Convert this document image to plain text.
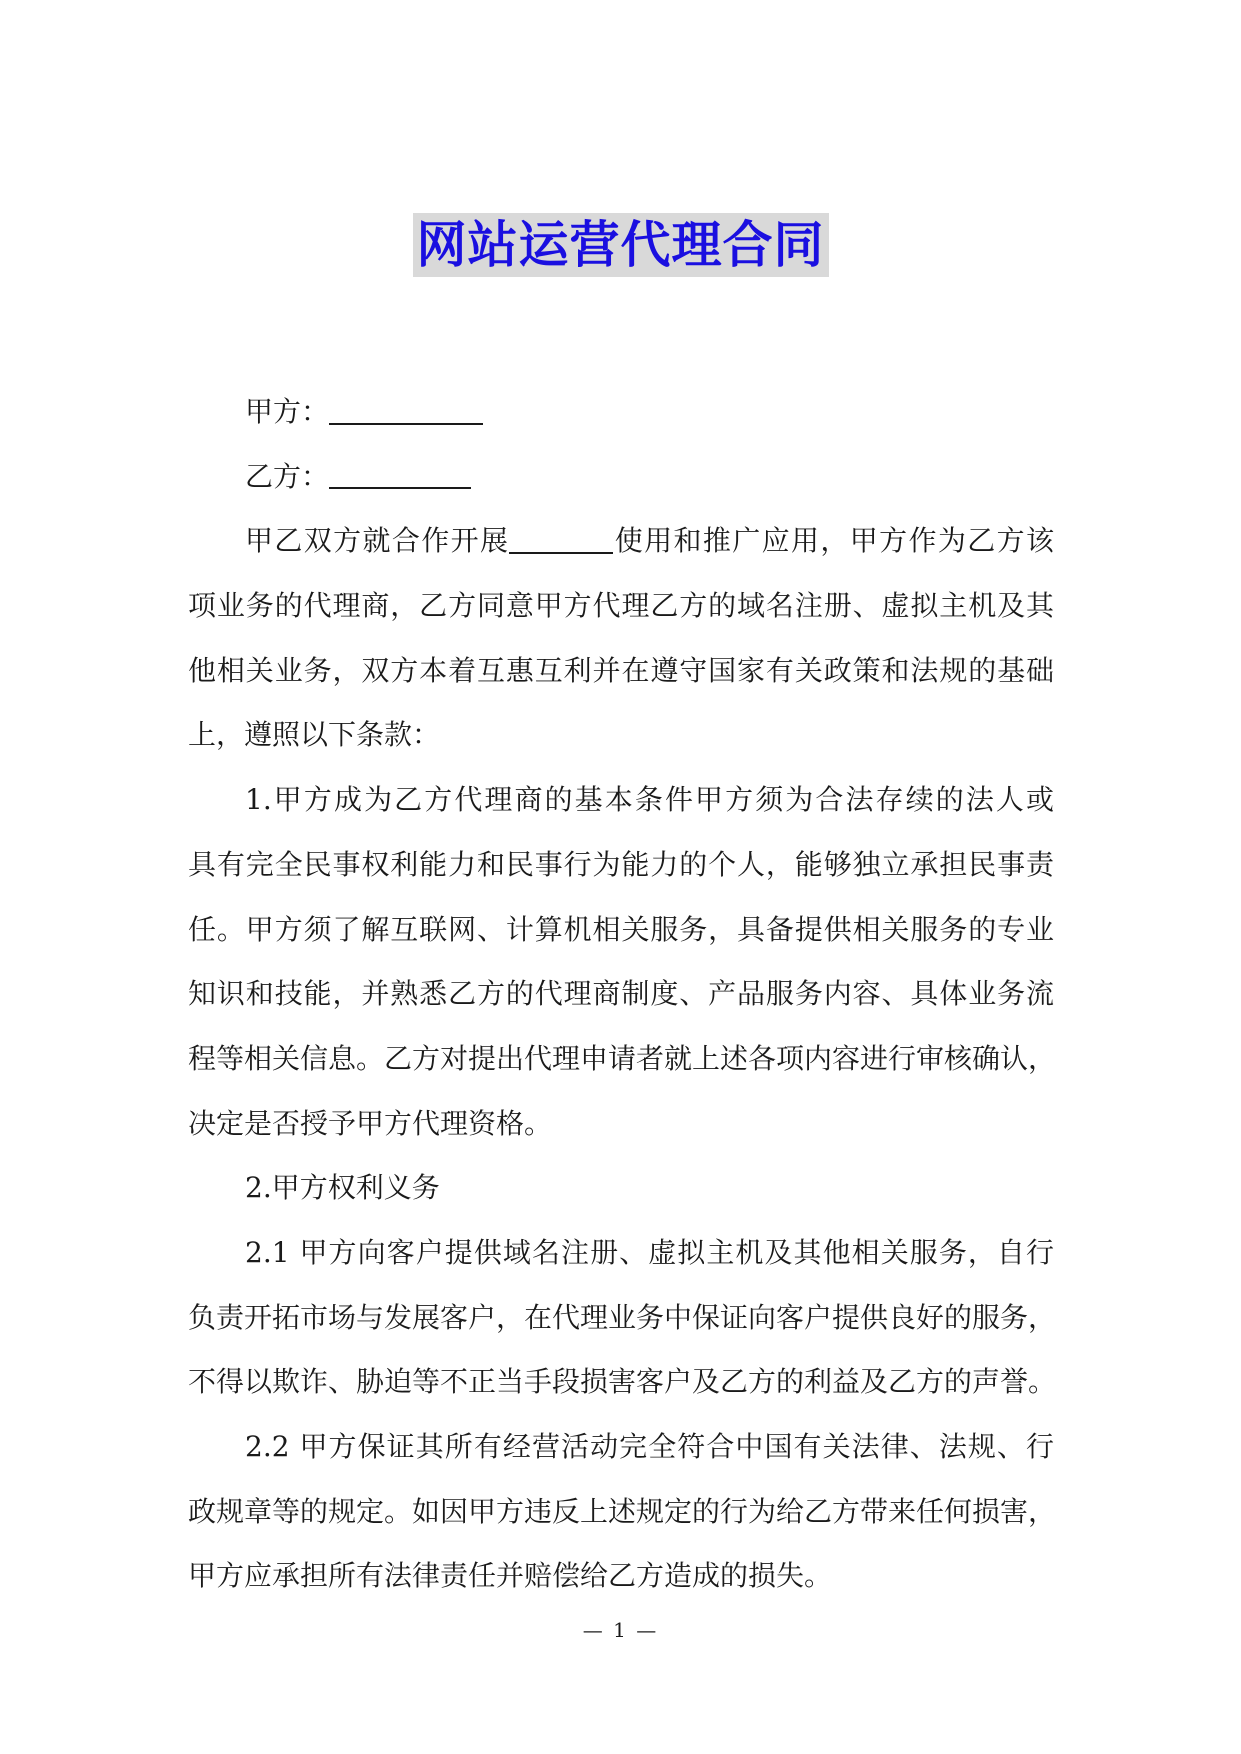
网站运营代理合同
甲方：
乙方：
甲乙双方就合作开展	使用和推广应用，甲方作为乙方该
项业务的代理商，乙方同意甲方代理乙方的域名注册、虚拟主机及其
他相关业务，双方本着互惠互利并在遵守国家有关政策和法规的基础
上，遵照以下条款：
1.甲方成为乙方代理商的基本条件甲方须为合法存续的法人或
具有完全民事权利能力和民事行为能力的个人，能够独立承担民事责
任。甲方须了解互联网、计算机相关服务，具备提供相关服务的专业
知识和技能，并熟悉乙方的代理商制度、产品服务内容、具体业务流
程等相关信息。乙方对提出代理申请者就上述各项内容进行审核确认，
决定是否授予甲方代理资格。
2.甲方权利义务
2.1 甲方向客户提供域名注册、虚拟主机及其他相关服务，自行
负责开拓市场与发展客户，在代理业务中保证向客户提供良好的服务，
不得以欺诈、胁迫等不正当手段损害客户及乙方的利益及乙方的声誉。
2.2 甲方保证其所有经营活动完全符合中国有关法律、法规、行
政规章等的规定。如因甲方违反上述规定的行为给乙方带来任何损害，
甲方应承担所有法律责任并赔偿给乙方造成的损失。
— 1 —
